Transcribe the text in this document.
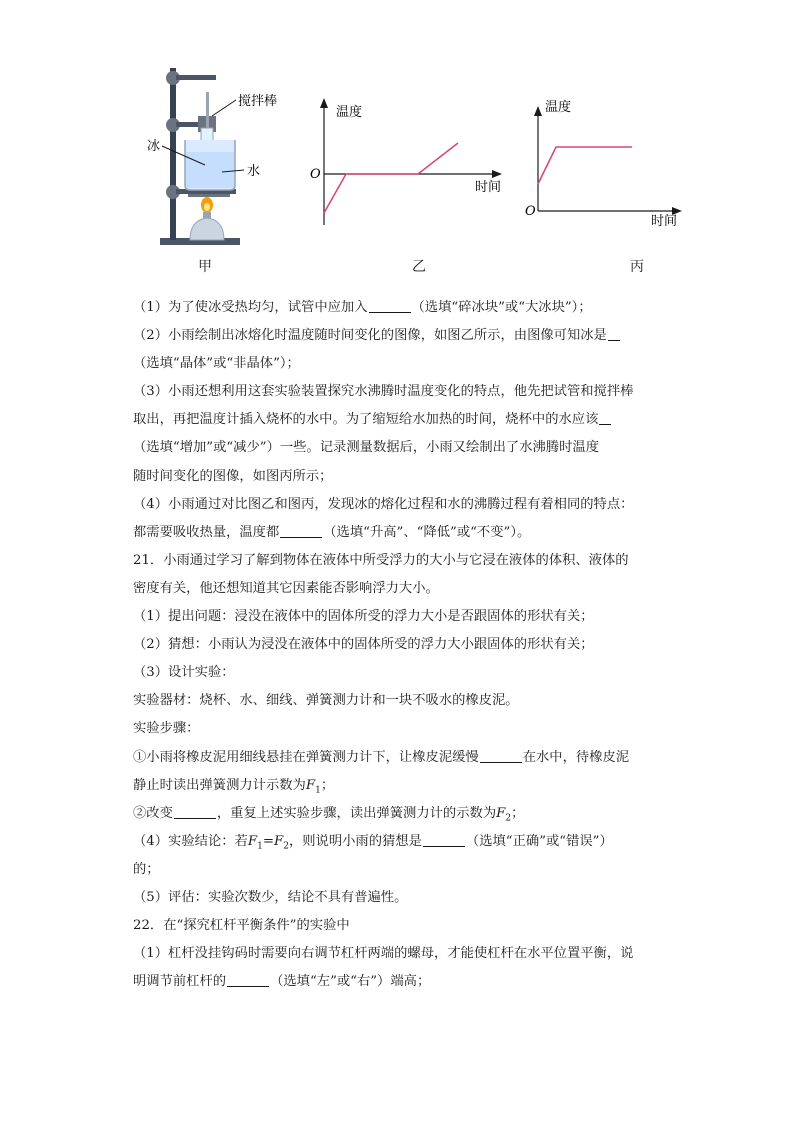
搅拌棒
冰
水
温度
时间
O
温度
时间
O
甲	乙	丙
（1）为了使冰受热均匀，试管中应加入	（选填“碎冰块”或“大冰块”）；
（2）小雨绘制出冰熔化时温度随时间变化的图像，如图乙所示，由图像可知冰是
（选填“晶体”或“非晶体”）；
（3）小雨还想利用这套实验装置探究水沸腾时温度变化的特点，他先把试管和搅拌棒
取出，再把温度计插入烧杯的水中。为了缩短给水加热的时间，烧杯中的水应该
（选填“增加”或“减少”）一些。记录测量数据后，小雨又绘制出了水沸腾时温度
随时间变化的图像，如图丙所示；
（4）小雨通过对比图乙和图丙，发现冰的熔化过程和水的沸腾过程有着相同的特点：
都需要吸收热量，温度都	（选填“升高”、“降低”或“不变”）。
21．小雨通过学习了解到物体在液体中所受浮力的大小与它浸在液体的体积、液体的
密度有关，他还想知道其它因素能否影响浮力大小。
（1）提出问题：浸没在液体中的固体所受的浮力大小是否跟固体的形状有关；
（2）猜想：小雨认为浸没在液体中的固体所受的浮力大小跟固体的形状有关；
（3）设计实验：
实验器材：烧杯、水、细线、弹簧测力计和一块不吸水的橡皮泥。
实验步骤：
①小雨将橡皮泥用细线悬挂在弹簧测力计下，让橡皮泥缓慢	在水中，待橡皮泥
静止时读出弹簧测力计示数为$F_1$；
②改变	，重复上述实验步骤，读出弹簧测力计的示数为$F_2$；
（4）实验结论：若$F_1=F_2$，则说明小雨的猜想是	（选填“正确”或“错误”）
的；
（5）评估：实验次数少，结论不具有普遍性。
22．在“探究杠杆平衡条件”的实验中
（1）杠杆没挂钩码时需要向右调节杠杆两端的螺母，才能使杠杆在水平位置平衡，说
明调节前杠杆的	（选填“左”或“右”）端高；
